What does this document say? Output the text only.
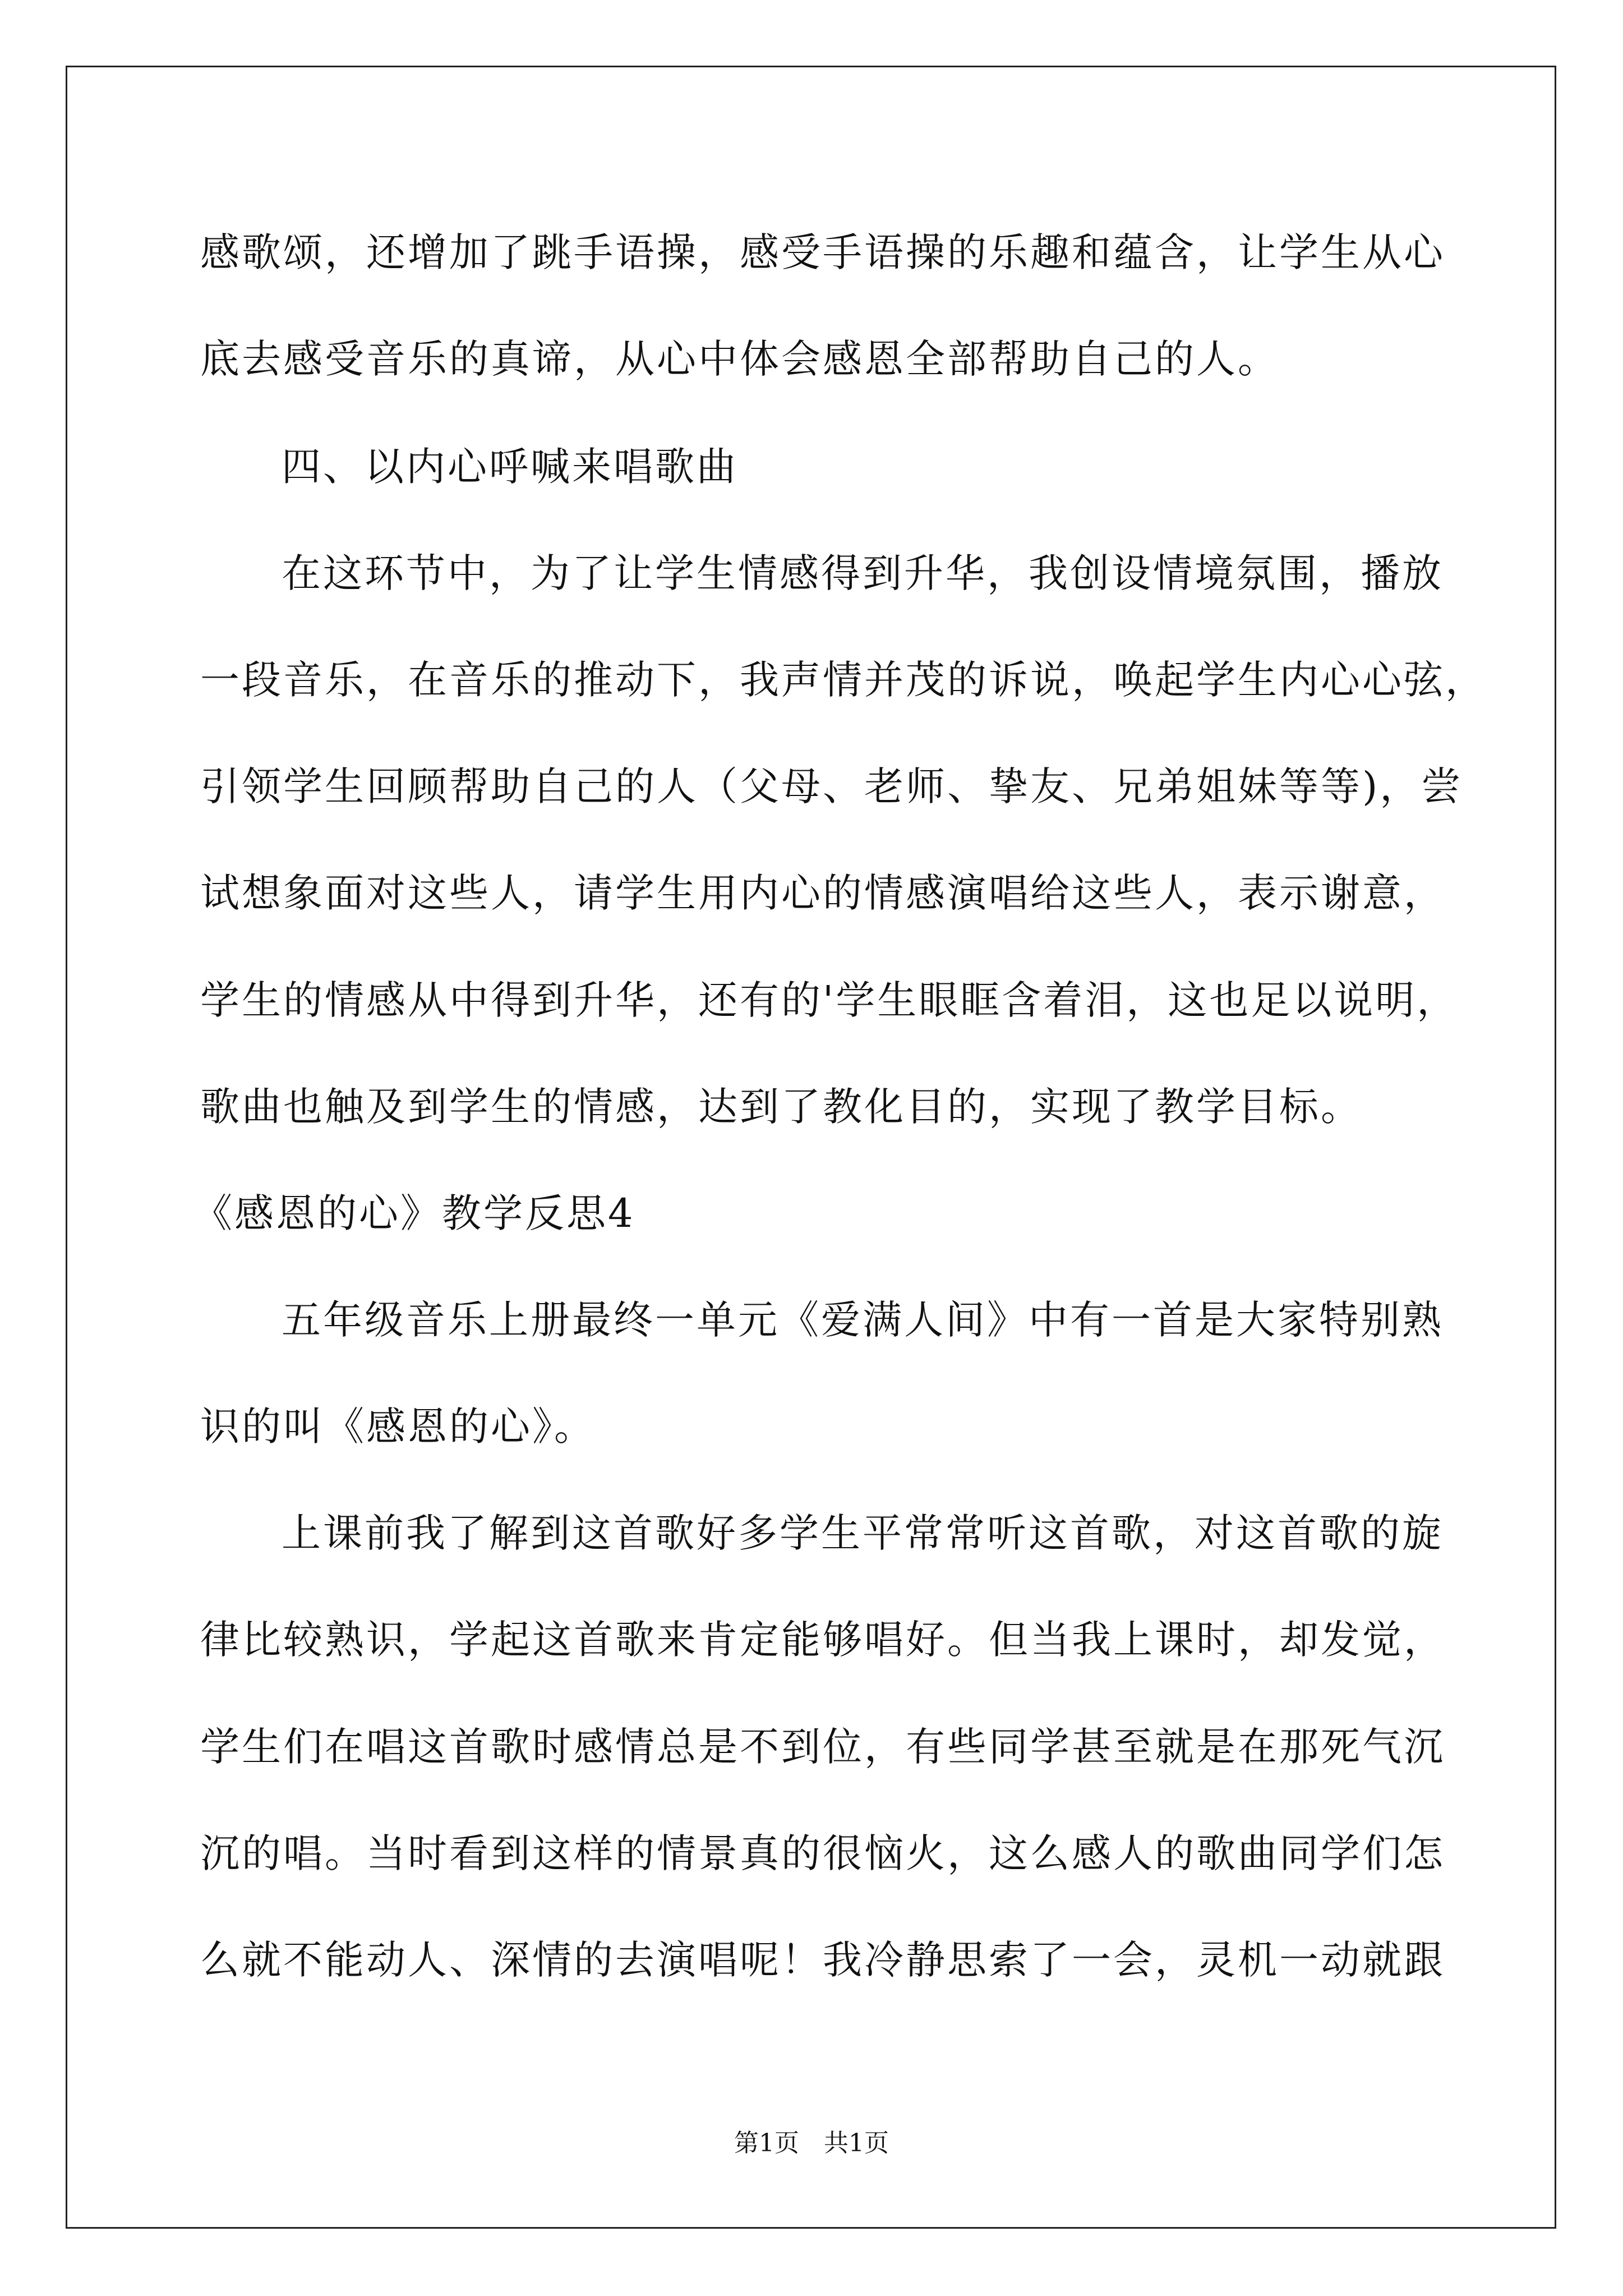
感歌颂，还增加了跳手语操，感受手语操的乐趣和蕴含，让学生从心
底去感受音乐的真谛，从心中体会感恩全部帮助自己的人。
四、以内心呼喊来唱歌曲
在这环节中，为了让学生情感得到升华，我创设情境氛围，播放
一段音乐，在音乐的推动下，我声情并茂的诉说，唤起学生内心心弦，
引领学生回顾帮助自己的人（父母、老师、挚友、兄弟姐妹等等)，尝
试想象面对这些人，请学生用内心的情感演唱给这些人，表示谢意，
学生的情感从中得到升华，还有的'学生眼眶含着泪，这也足以说明，
歌曲也触及到学生的情感，达到了教化目的，实现了教学目标。
《感恩的心》教学反思4
五年级音乐上册最终一单元《爱满人间》中有一首是大家特别熟
识的叫《感恩的心》。
上课前我了解到这首歌好多学生平常常听这首歌，对这首歌的旋
律比较熟识，学起这首歌来肯定能够唱好。但当我上课时，却发觉，
学生们在唱这首歌时感情总是不到位，有些同学甚至就是在那死气沉
沉的唱。当时看到这样的情景真的很恼火，这么感人的歌曲同学们怎
么就不能动人、深情的去演唱呢！我冷静思索了一会，灵机一动就跟
第1页　共1页
